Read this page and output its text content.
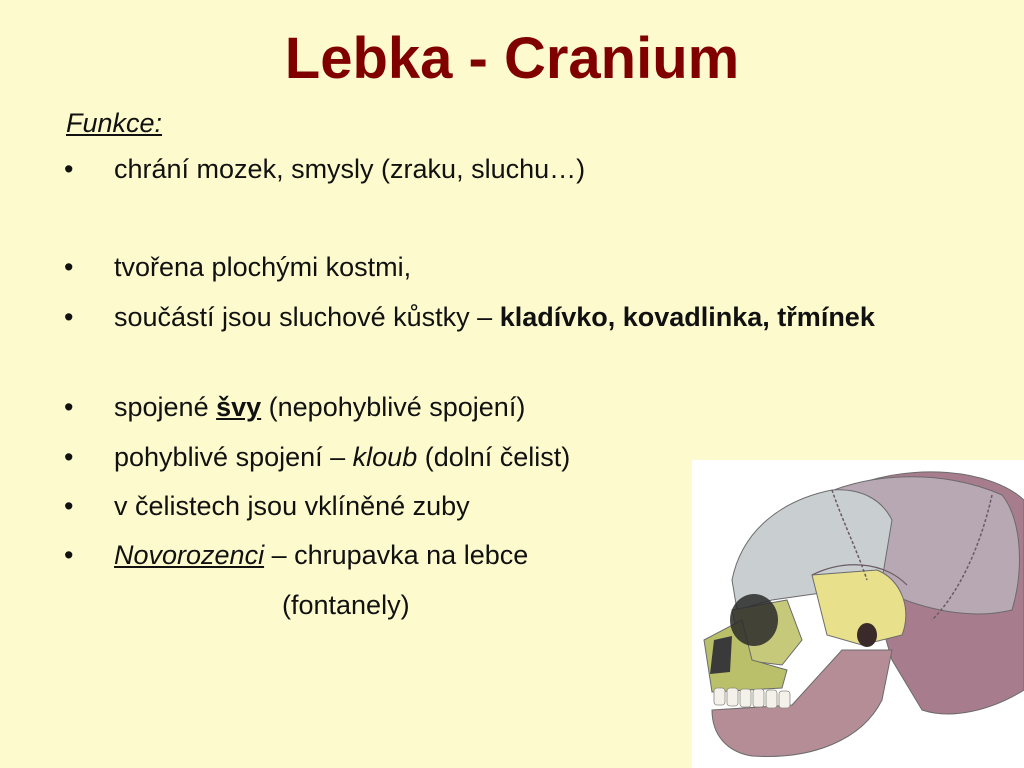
Lebka - Cranium
Funkce:
•	chrání mozek, smysly (zraku, sluchu…)
•	tvořena plochými kostmi,
•	součástí jsou sluchové kůstky – kladívko, kovadlinka, třmínek
•	spojené švy (nepohyblivé spojení)
•	pohyblivé spojení – kloub (dolní čelist)
•	v čelistech jsou vklíněné zuby
•	Novorozenci – chrupavka na lebce
(fontanely)
